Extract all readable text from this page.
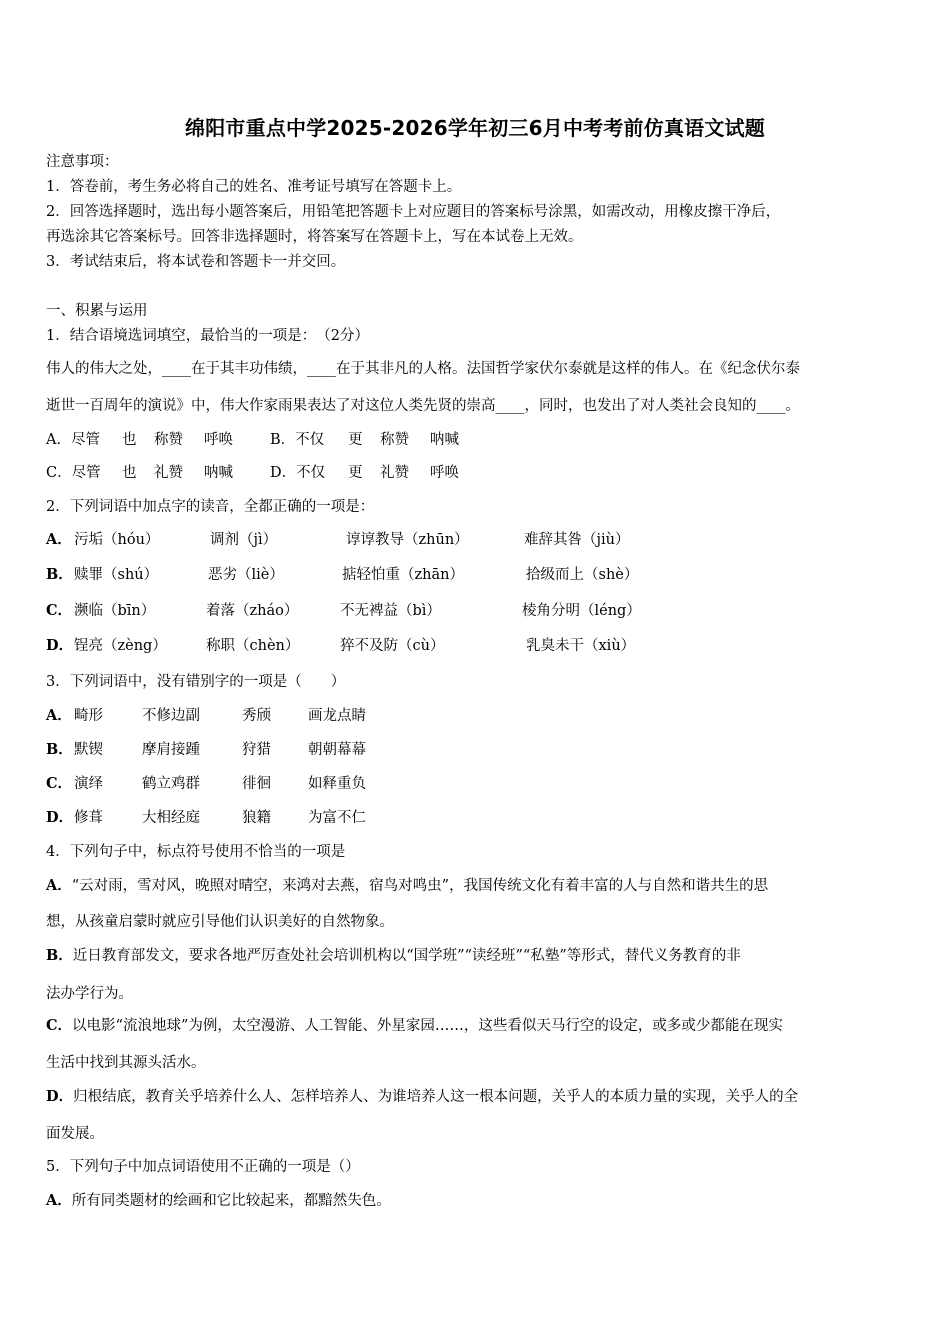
绵阳市重点中学2025-2026学年初三6月中考考前仿真语文试题
注意事项：
1．答卷前，考生务必将自己的姓名、准考证号填写在答题卡上。
2．回答选择题时，选出每小题答案后，用铅笔把答题卡上对应题目的答案标号涂黑，如需改动，用橡皮擦干净后，
再选涂其它答案标号。回答非选择题时，将答案写在答题卡上，写在本试卷上无效。
3．考试结束后，将本试卷和答题卡一并交回。
一、积累与运用
1．结合语境选词填空，最恰当的一项是：　（2分）
伟人的伟大之处，____在于其丰功伟绩，____在于其非凡的人格。法国哲学家伏尔泰就是这样的伟人。在《纪念伏尔泰
逝世一百周年的演说》中，伟大作家雨果表达了对这位人类先贤的崇高____，同时，也发出了对人类社会良知的____。
A．尽管 也 称赞 呼唤	B．不仅 更 称赞 呐喊
C．尽管 也 礼赞 呐喊	D．不仅 更 礼赞 呼唤
2．下列词语中加点字的读音，全都正确的一项是：
A． 污垢（hóu）	调剂（jì）	谆谆教导（zhūn）	难辞其咎（jiù）
B． 赎罪（shú）	恶劣（liè）	掂轻怕重（zhān）	拾级而上（shè）
C． 濒临（bīn）	着落（zháo）	不无裨益（bì）	棱角分明（léng）
D． 锃亮（zèng）	称职（chèn）	猝不及防（cù）	乳臭未干（xiù）
3．下列词语中，没有错别字的一项是（　　）
A． 畸形	不修边副	秀颀	画龙点睛
B． 默锲	摩肩接踵	狩猎	朝朝幕幕
C． 演绎	鹤立鸡群	徘徊	如释重负
D． 修葺	大相经庭	狼籍	为富不仁
4．下列句子中，标点符号使用不恰当的一项是
A．“云对雨，雪对风，晚照对晴空，来鸿对去燕，宿鸟对鸣虫”，我国传统文化有着丰富的人与自然和谐共生的思
想，从孩童启蒙时就应引导他们认识美好的自然物象。
B．近日教育部发文，要求各地严厉查处社会培训机构以“国学班”“读经班”“私塾”等形式，替代义务教育的非
法办学行为。
C．以电影“流浪地球”为例，太空漫游、人工智能、外星家园……，这些看似天马行空的设定，或多或少都能在现实
生活中找到其源头活水。
D．归根结底，教育关乎培养什么人、怎样培养人、为谁培养人这一根本问题，关乎人的本质力量的实现，关乎人的全
面发展。
5．下列句子中加点词语使用不正确的一项是（）
A．所有同类题材的绘画和它比较起来，都黯然失色。
